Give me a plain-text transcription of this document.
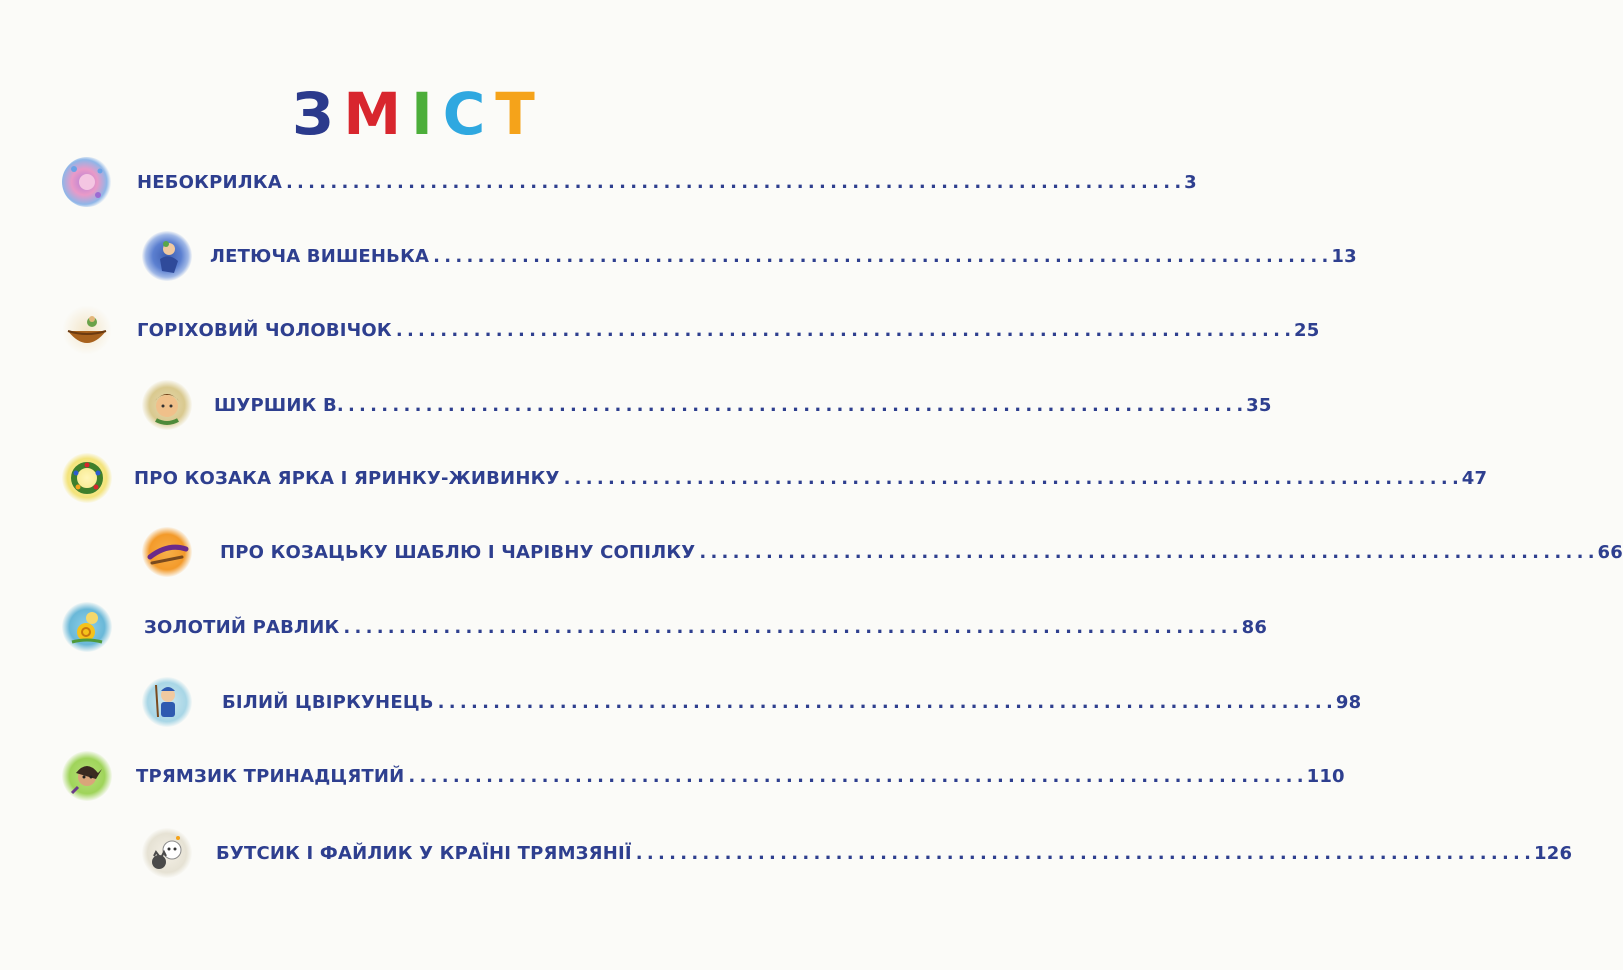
ЗМІСТ
НЕБОКРИЛКА . . .	3
ЛЕТЮЧА ВИШЕНЬКА . . .	13
ГОРІХОВИЙ ЧОЛОВІЧОК . . .	25
ШУРШИК В. . . .	35
ПРО КОЗАКА ЯРКА І ЯРИНКУ-ЖИВИНКУ . . .	47
ПРО КОЗАЦЬКУ ШАБЛЮ І ЧАРІВНУ СОПІЛКУ . . .	66
ЗОЛОТИЙ РАВЛИК . . .	86
БІЛИЙ ЦВІРКУНЕЦЬ . . .	98
ТРЯМЗИК ТРИНАДЦЯТИЙ . . .	110
БУТСИК І ФАЙЛИК У КРАЇНІ ТРЯМЗЯНІЇ . . .	126
